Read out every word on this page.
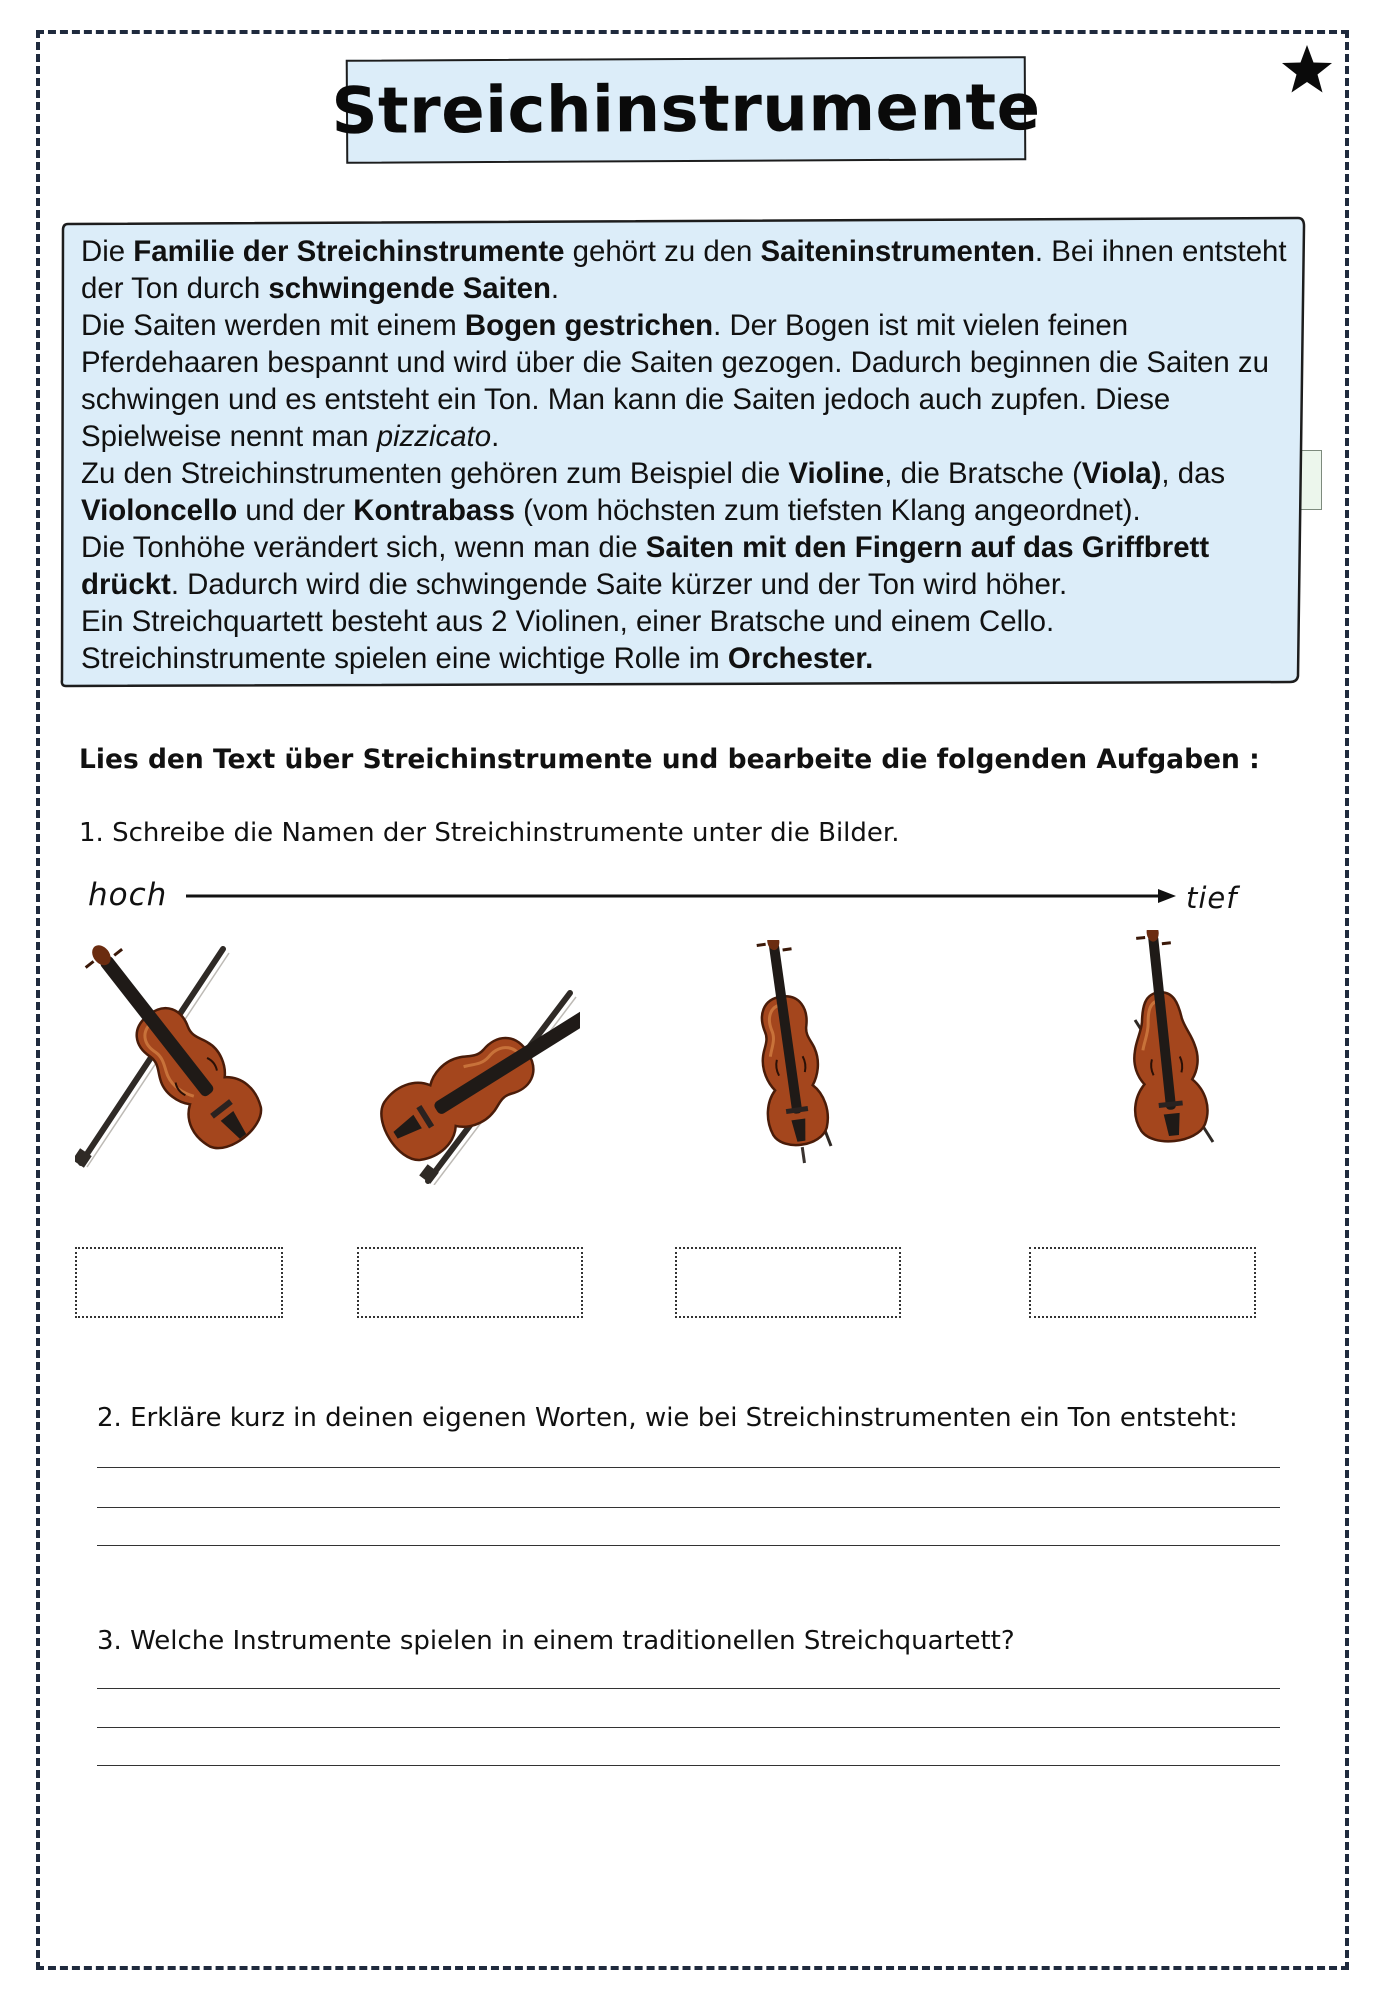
Streichinstrumente

Die Familie der Streichinstrumente gehört zu den Saiteninstrumenten. Bei ihnen entsteht der Ton durch schwingende Saiten.

Die Saiten werden mit einem Bogen gestrichen. Der Bogen ist mit vielen feinen Pferdehaaren bespannt und wird über die Saiten gezogen. Dadurch beginnen die Saiten zu schwingen und es entsteht ein Ton. Man kann die Saiten jedoch auch zupfen. Diese Spielweise nennt man pizzicato.

Zu den Streichinstrumenten gehören zum Beispiel die Violine, die Bratsche (Viola), das Violoncello und der Kontrabass (vom höchsten zum tiefsten Klang angeordnet).

Die Tonhöhe verändert sich, wenn man die Saiten mit den Fingern auf das Griffbrett drückt. Dadurch wird die schwingende Saite kürzer und der Ton wird höher.

Ein Streichquartett besteht aus 2 Violinen, einer Bratsche und einem Cello.

Streichinstrumente spielen eine wichtige Rolle im Orchester.

Lies den Text über Streichinstrumente und bearbeite die folgenden Aufgaben :
1. Schreibe die Namen der Streichinstrumente unter die Bilder.
hoch	tief
2. Erkläre kurz in deinen eigenen Worten, wie bei Streichinstrumenten ein Ton entsteht:
3. Welche Instrumente spielen in einem traditionellen Streichquartett?
